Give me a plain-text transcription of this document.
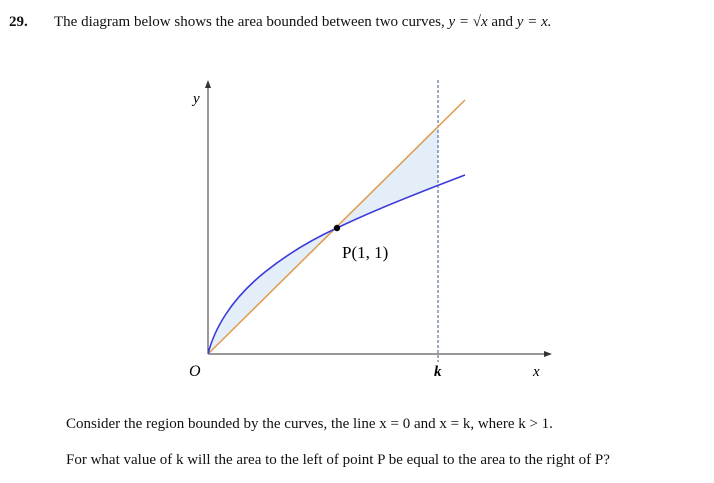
29. The diagram below shows the area bounded between two curves, y = √x and y = x.
y
O	k	x
P(1, 1)
Consider the region bounded by the curves, the line x = 0 and x = k, where k > 1.
For what value of k will the area to the left of point P be equal to the area to the right of P?
